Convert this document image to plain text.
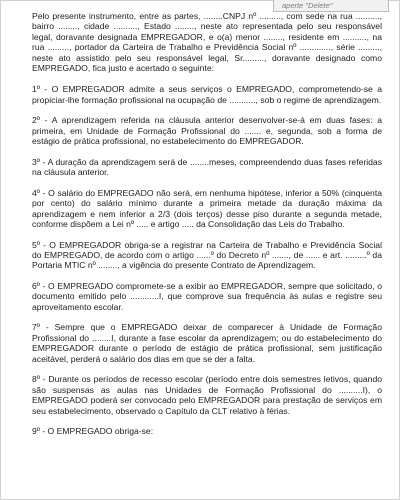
aperte "Delete"

Pelo presente instrumento, entre as partes, ........CNPJ nº ........., com sede na rua .........., bairro ........, cidade .........., Estado ........, neste ato representada pelo seu responsável legal, doravante designada EMPREGADOR, e o(a) menor ........, residente em .........., na rua ........., portador da Carteira de Trabalho e Previdência Social nº ............., série ........., neste ato assistido pelo seu responsável legal, Sr........., doravante designado como EMPREGADO, fica justo e acertado o seguinte:

1º - O EMPREGADOR admite a seus serviços o EMPREGADO, comprometendo-se a propiciar-lhe formação profissional na ocupação de ..........., sob o regime de aprendizagem.

2º - A aprendizagem referida na cláusula anterior desenvolver-se-á em duas fases: a primeira, em Unidade de Formação Profissional do ....... e, segunda, sob a forma de estágio de prática profissional, no estabelecimento do EMPREGADOR.

3º - A duração da aprendizagem será de ........meses, compreendendo duas fases referidas na cláusula anterior.

4º - O salário do EMPREGADO não será, em nenhuma hipótese, inferior a 50% (cinquenta por cento) do salário mínimo durante a primeira metade da duração máxima da aprendizagem e nem inferior a 2/3 (dois terços) desse piso durante a segunda metade, conforme dispõem a Lei nº ..... e artigo ..... da Consolidação das Leis do Trabalho.

5º - O EMPREGADOR obriga-se a registrar na Carteira de Trabalho e Previdência Social do EMPREGADO, de acordo com o artigo ......º do Decreto nº ......., de ...... e art. .........º da Portaria MTIC nº ........, a vigência do presente Contrato de Aprendizagem.

6º - O EMPREGADO compromete-se a exibir ao EMPREGADOR, sempre que solicitado, o documento emitido pelo ............I, que comprove sua frequência às aulas e registre seu aproveitamento escolar.

7º - Sempre que o EMPREGADO deixar de comparecer à Unidade de Formação Profissional do ........I, durante a fase escolar da aprendizagem; ou do estabelecimento do EMPREGADOR durante o período de estágio de prática profissional, sem justificação aceitável, perderá o salário dos dias em que se der a falta.

8º - Durante os períodos de recesso escolar (período entre dois semestres letivos, quando são suspensas as aulas nas Unidades de Formação Profissional do ..........I), o EMPREGADO poderá ser convocado pelo EMPREGADOR para prestação de serviços em seu estabelecimento, observado o Capítulo da CLT relativo à férias.

9º - O EMPREGADO obriga-se:
